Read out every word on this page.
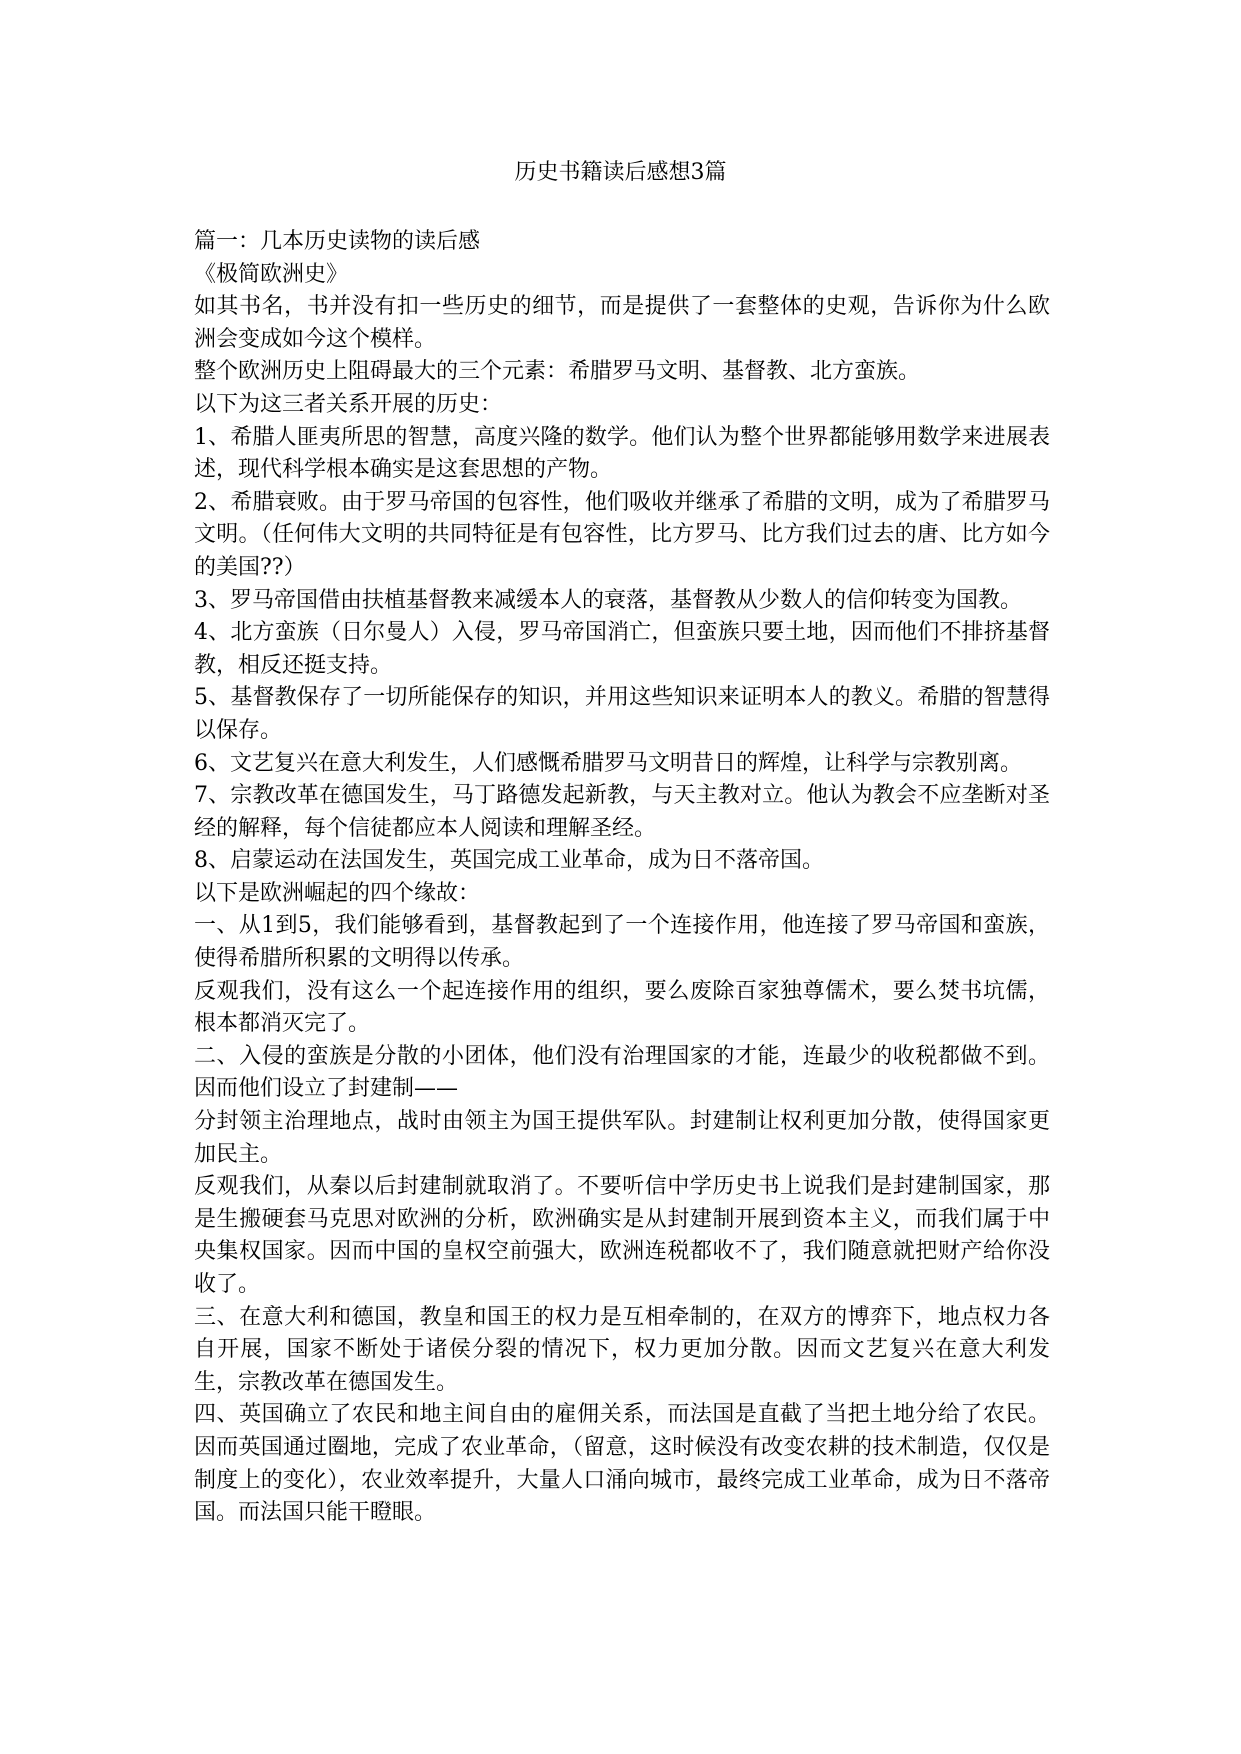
历史书籍读后感想3篇

篇一：几本历史读物的读后感

《极简欧洲史》

如其书名，书并没有扣一些历史的细节，而是提供了一套整体的史观，告诉你为什么欧洲会变成如今这个模样。

整个欧洲历史上阻碍最大的三个元素：希腊罗马文明、基督教、北方蛮族。

以下为这三者关系开展的历史：

1、希腊人匪夷所思的智慧，高度兴隆的数学。他们认为整个世界都能够用数学来进展表述，现代科学根本确实是这套思想的产物。

2、希腊衰败。由于罗马帝国的包容性，他们吸收并继承了希腊的文明，成为了希腊罗马文明。（任何伟大文明的共同特征是有包容性，比方罗马、比方我们过去的唐、比方如今的美国??）

3、罗马帝国借由扶植基督教来减缓本人的衰落，基督教从少数人的信仰转变为国教。

4、北方蛮族（日尔曼人）入侵，罗马帝国消亡，但蛮族只要土地，因而他们不排挤基督教，相反还挺支持。

5、基督教保存了一切所能保存的知识，并用这些知识来证明本人的教义。希腊的智慧得以保存。

6、文艺复兴在意大利发生，人们感慨希腊罗马文明昔日的辉煌，让科学与宗教别离。

7、宗教改革在德国发生，马丁路德发起新教，与天主教对立。他认为教会不应垄断对圣经的解释，每个信徒都应本人阅读和理解圣经。

8、启蒙运动在法国发生，英国完成工业革命，成为日不落帝国。

以下是欧洲崛起的四个缘故：

一、从1到5，我们能够看到，基督教起到了一个连接作用，他连接了罗马帝国和蛮族，使得希腊所积累的文明得以传承。

反观我们，没有这么一个起连接作用的组织，要么废除百家独尊儒术，要么焚书坑儒，根本都消灭完了。

二、入侵的蛮族是分散的小团体，他们没有治理国家的才能，连最少的收税都做不到。因而他们设立了封建制——

分封领主治理地点，战时由领主为国王提供军队。封建制让权利更加分散，使得国家更加民主。

反观我们，从秦以后封建制就取消了。不要听信中学历史书上说我们是封建制国家，那是生搬硬套马克思对欧洲的分析，欧洲确实是从封建制开展到资本主义，而我们属于中央集权国家。因而中国的皇权空前强大，欧洲连税都收不了，我们随意就把财产给你没收了。

三、在意大利和德国，教皇和国王的权力是互相牵制的，在双方的博弈下，地点权力各自开展，国家不断处于诸侯分裂的情况下，权力更加分散。因而文艺复兴在意大利发生，宗教改革在德国发生。

四、英国确立了农民和地主间自由的雇佣关系，而法国是直截了当把土地分给了农民。因而英国通过圈地，完成了农业革命，（留意，这时候没有改变农耕的技术制造，仅仅是制度上的变化），农业效率提升，大量人口涌向城市，最终完成工业革命，成为日不落帝国。而法国只能干瞪眼。
